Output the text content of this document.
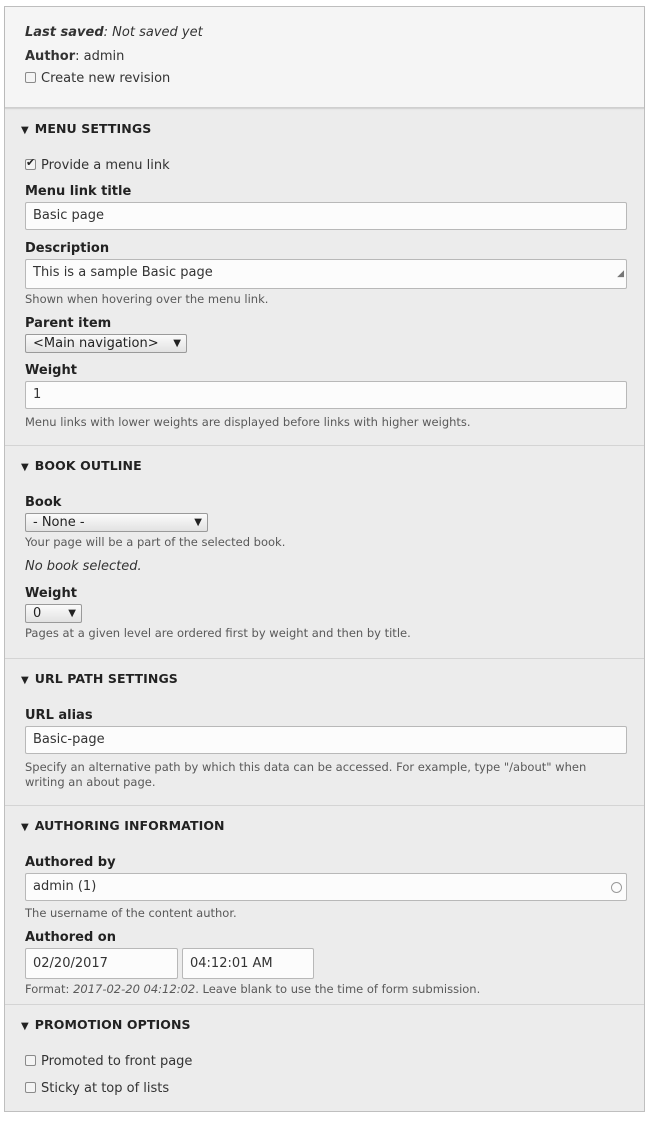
Last saved: Not saved yet
Author: admin
Create new revision
▼ MENU SETTINGS
✔Provide a menu link
Menu link title
Basic page
Description
This is a sample Basic page	◢
Shown when hovering over the menu link.
Parent item
<Main navigation> ▼
Weight
1
Menu links with lower weights are displayed before links with higher weights.
▼ BOOK OUTLINE
Book
- None -	▼
Your page will be a part of the selected book.
No book selected.
Weight
0	▼
Pages at a given level are ordered first by weight and then by title.
▼ URL PATH SETTINGS
URL alias
Basic-page
Specify an alternative path by which this data can be accessed. For example, type "/about" when
writing an about page.
▼ AUTHORING INFORMATION
Authored by
admin (1)
The username of the content author.
Authored on
02/20/2017	04:12:01 AM
Format: 2017-02-20 04:12:02. Leave blank to use the time of form submission.
▼ PROMOTION OPTIONS
Promoted to front page
Sticky at top of lists
